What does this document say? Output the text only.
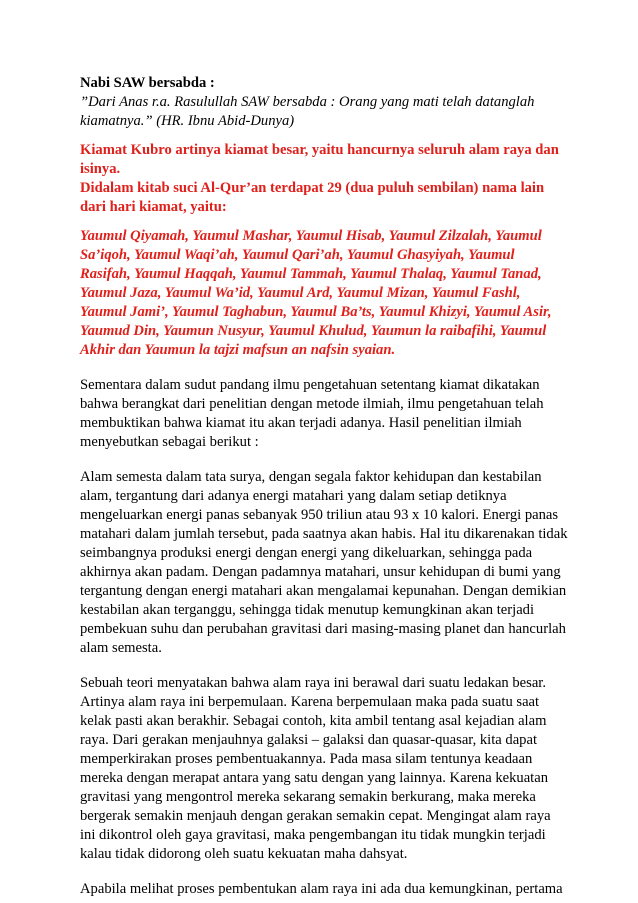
Nabi SAW bersabda :
”Dari Anas r.a. Rasulullah SAW bersabda : Orang yang mati telah datanglah
kiamatnya.” (HR. Ibnu Abid-Dunya)
Kiamat Kubro artinya kiamat besar, yaitu hancurnya seluruh alam raya dan
isinya.
Didalam kitab suci Al-Qur’an terdapat 29 (dua puluh sembilan) nama lain
dari hari kiamat, yaitu:
Yaumul Qiyamah, Yaumul Mashar, Yaumul Hisab, Yaumul Zilzalah, Yaumul
Sa’iqoh, Yaumul Waqi’ah, Yaumul Qari’ah, Yaumul Ghasyiyah, Yaumul
Rasifah, Yaumul Haqqah, Yaumul Tammah, Yaumul Thalaq, Yaumul Tanad,
Yaumul Jaza, Yaumul Wa’id, Yaumul Ard, Yaumul Mizan, Yaumul Fashl,
Yaumul Jami’, Yaumul Taghabun, Yaumul Ba’ts, Yaumul Khizyi, Yaumul Asir,
Yaumud Din, Yaumun Nusyur, Yaumul Khulud, Yaumun la raibafihi, Yaumul
Akhir dan Yaumun la tajzi mafsun an nafsin syaian.

Sementara dalam sudut pandang ilmu pengetahuan setentang kiamat dikatakan
bahwa berangkat dari penelitian dengan metode ilmiah, ilmu pengetahuan telah
membuktikan bahwa kiamat itu akan terjadi adanya. Hasil penelitian ilmiah
menyebutkan sebagai berikut :

Alam semesta dalam tata surya, dengan segala faktor kehidupan dan kestabilan
alam, tergantung dari adanya energi matahari yang dalam setiap detiknya
mengeluarkan energi panas sebanyak 950 triliun atau 93 x 10 kalori. Energi panas
matahari dalam jumlah tersebut, pada saatnya akan habis. Hal itu dikarenakan tidak
seimbangnya produksi energi dengan energi yang dikeluarkan, sehingga pada
akhirnya akan padam. Dengan padamnya matahari, unsur kehidupan di bumi yang
tergantung dengan energi matahari akan mengalamai kepunahan. Dengan demikian
kestabilan akan terganggu, sehingga tidak menutup kemungkinan akan terjadi
pembekuan suhu dan perubahan gravitasi dari masing-masing planet dan hancurlah
alam semesta.

Sebuah teori menyatakan bahwa alam raya ini berawal dari suatu ledakan besar.
Artinya alam raya ini berpemulaan. Karena berpemulaan maka pada suatu saat
kelak pasti akan berakhir. Sebagai contoh, kita ambil tentang asal kejadian alam
raya. Dari gerakan menjauhnya galaksi – galaksi dan quasar-quasar, kita dapat
memperkirakan proses pembentuakannya. Pada masa silam tentunya keadaan
mereka dengan merapat antara yang satu dengan yang lainnya. Karena kekuatan
gravitasi yang mengontrol mereka sekarang semakin berkurang, maka mereka
bergerak semakin menjauh dengan gerakan semakin cepat. Mengingat alam raya
ini dikontrol oleh gaya gravitasi, maka pengembangan itu tidak mungkin terjadi
kalau tidak didorong oleh suatu kekuatan maha dahsyat.

Apabila melihat proses pembentukan alam raya ini ada dua kemungkinan, pertama
